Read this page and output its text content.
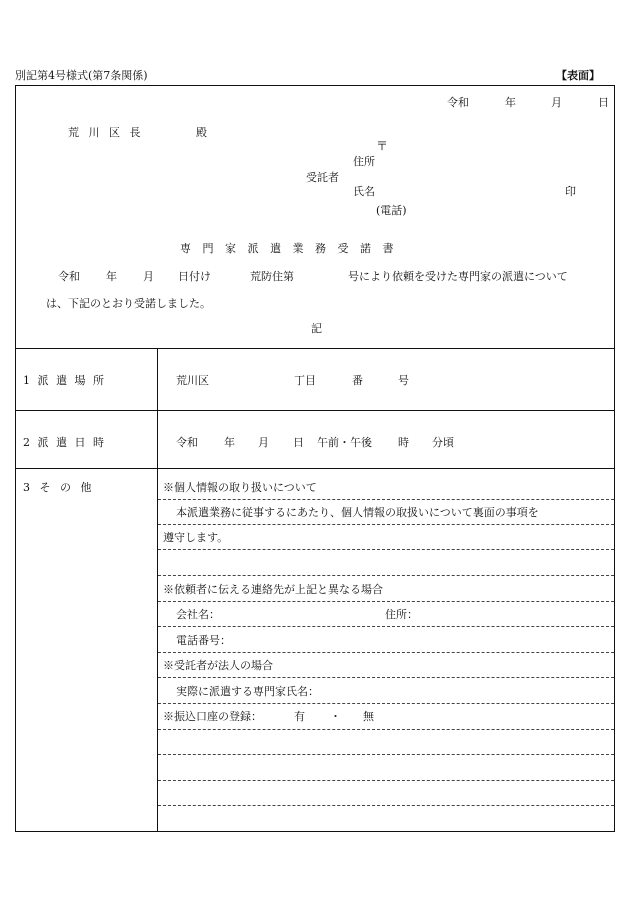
別記第4号様式(第7条関係)	【表面】
令和	年	月	日
荒 川 区 長	殿
〒
住所
受託者
氏名	印
(電話)
専 門 家 派 遣 業 務 受 諾 書
令和 年 月 日付け	荒防住第	号により依頼を受けた専門家の派遣について
は、下記のとおり受諾しました。
記
1 派 遣 場 所	荒川区	丁目	番	号
2 派 遣 日 時	令和 年 月 日 午前・午後 時 分頃
3 そ の 他	※個人情報の取り扱いについて
本派遣業務に従事するにあたり、個人情報の取扱いについて裏面の事項を
遵守します。
※依頼者に伝える連絡先が上記と異なる場合
会社名：	住所：
電話番号：
※受託者が法人の場合
実際に派遣する専門家氏名：
※振込口座の登録：	有 ・ 無
